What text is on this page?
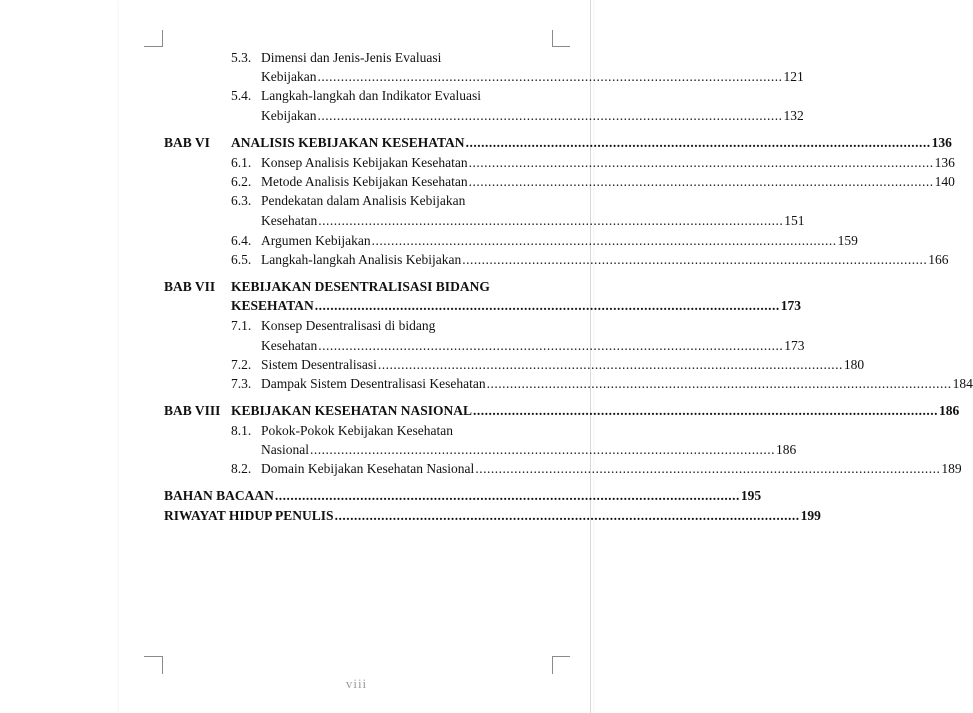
5.3. Dimensi dan Jenis-Jenis Evaluasi
Kebijakan ........................................................................................................................ 121
5.4. Langkah-langkah dan Indikator Evaluasi
Kebijakan ........................................................................................................................ 132
BAB VI ANALISIS KEBIJAKAN KESEHATAN ........................................................................................................................ 136
6.1. Konsep Analisis Kebijakan Kesehatan ........................................................................................................................ 136
6.2. Metode Analisis Kebijakan Kesehatan ........................................................................................................................ 140
6.3. Pendekatan dalam Analisis Kebijakan
Kesehatan ........................................................................................................................ 151
6.4. Argumen Kebijakan ........................................................................................................................ 159
6.5. Langkah-langkah Analisis Kebijakan ........................................................................................................................ 166
BAB VII KEBIJAKAN DESENTRALISASI BIDANG
KESEHATAN ........................................................................................................................ 173
7.1. Konsep Desentralisasi di bidang
Kesehatan ........................................................................................................................ 173
7.2. Sistem Desentralisasi ........................................................................................................................ 180
7.3. Dampak Sistem Desentralisasi Kesehatan ........................................................................................................................ 184
BAB VIII KEBIJAKAN KESEHATAN NASIONAL ........................................................................................................................ 186
8.1. Pokok-Pokok Kebijakan Kesehatan
Nasional ........................................................................................................................ 186
8.2. Domain Kebijakan Kesehatan Nasional ........................................................................................................................ 189
BAHAN BACAAN ........................................................................................................................ 195
RIWAYAT HIDUP PENULIS ........................................................................................................................ 199
viii
